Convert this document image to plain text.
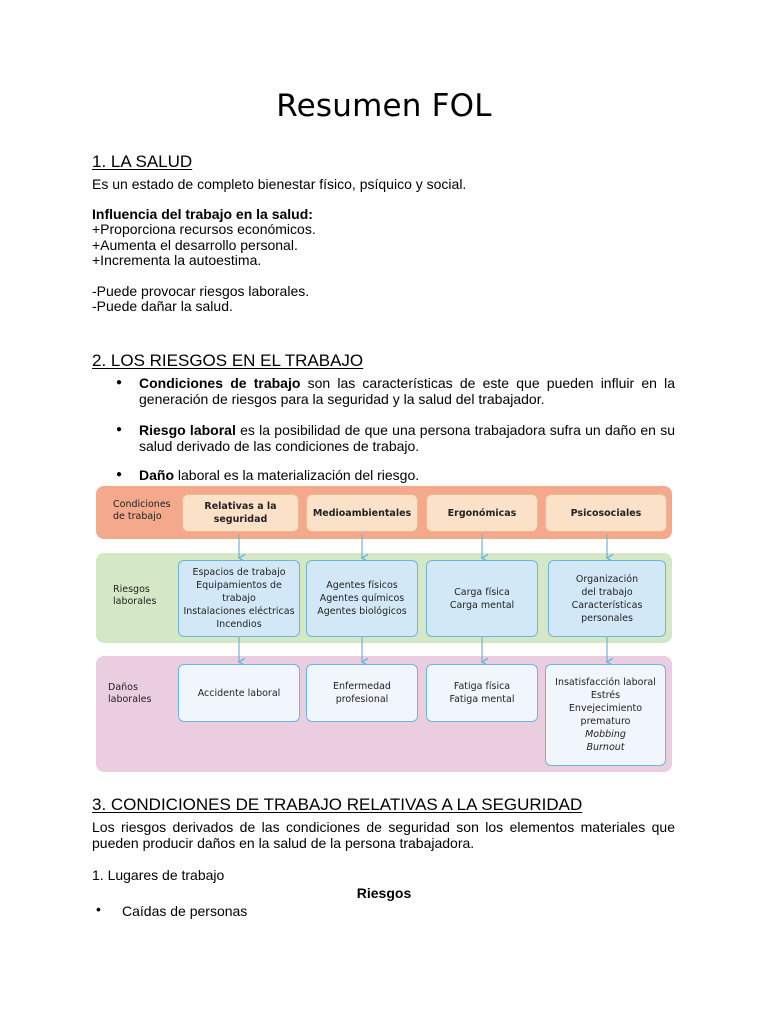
Resumen FOL
1. LA SALUD
Es un estado de completo bienestar físico, psíquico y social.
Influencia del trabajo en la salud:
+Proporciona recursos económicos.
+Aumenta el desarrollo personal.
+Incrementa la autoestima.
-Puede provocar riesgos laborales.
-Puede dañar la salud.
2. LOS RIESGOS EN EL TRABAJO
● Condiciones de trabajo son las características de este que pueden influir en la generación de riesgos para la seguridad y la salud del trabajador.
● Riesgo laboral es la posibilidad de que una persona trabajadora sufra un daño en su salud derivado de las condiciones de trabajo.
● Daño laboral es la materialización del riesgo.
Condiciones de trabajo
Riesgos laborales
Daños laborales
Relativas a la seguridad
Medioambientales	Ergonómicas	Psicosociales
Espacios de trabajo
Equipamientos de trabajo
Instalaciones eléctricas
Incendios
Agentes físicos
Agentes químicos
Agentes biológicos
Carga física
Carga mental
Organización del trabajo
Características personales
Accidente laboral
Enfermedad profesional
Fatiga física
Fatiga mental
Insatisfacción laboral
Estrés
Envejecimiento prematuro
Mobbing
Burnout
3. CONDICIONES DE TRABAJO RELATIVAS A LA SEGURIDAD
Los riesgos derivados de las condiciones de seguridad son los elementos materiales que pueden producir daños en la salud de la persona trabajadora.
1. Lugares de trabajo
Riesgos
• Caídas de personas
